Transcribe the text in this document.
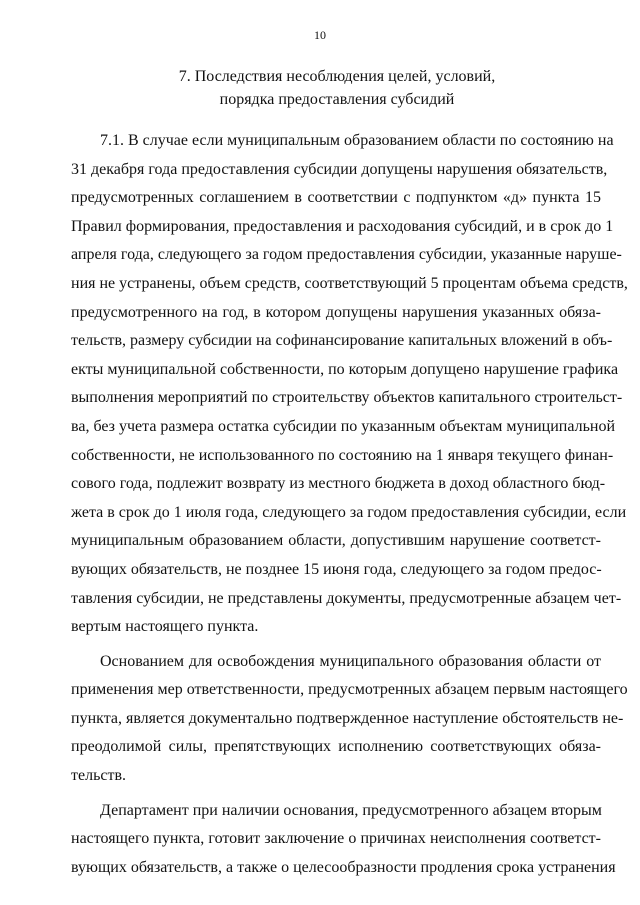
10
7. Последствия несоблюдения целей, условий,
порядка предоставления субсидий
7.1. В случае если муниципальным образованием области по состоянию на
31 декабря года предоставления субсидии допущены нарушения обязательств,
предусмотренных соглашением в соответствии с подпунктом «д» пункта 15
Правил формирования, предоставления и расходования субсидий, и в срок до 1
апреля года, следующего за годом предоставления субсидии, указанные наруше-
ния не устранены, объем средств, соответствующий 5 процентам объема средств,
предусмотренного на год, в котором допущены нарушения указанных обяза-
тельств, размеру субсидии на софинансирование капитальных вложений в объ-
екты муниципальной собственности, по которым допущено нарушение графика
выполнения мероприятий по строительству объектов капитального строительст-
ва, без учета размера остатка субсидии по указанным объектам муниципальной
собственности, не использованного по состоянию на 1 января текущего финан-
сового года, подлежит возврату из местного бюджета в доход областного бюд-
жета в срок до 1 июля года, следующего за годом предоставления субсидии, если
муниципальным образованием области, допустившим нарушение соответст-
вующих обязательств, не позднее 15 июня года, следующего за годом предос-
тавления субсидии, не представлены документы, предусмотренные абзацем чет-
вертым настоящего пункта.
Основанием для освобождения муниципального образования области от
применения мер ответственности, предусмотренных абзацем первым настоящего
пункта, является документально подтвержденное наступление обстоятельств не-
преодолимой силы, препятствующих исполнению соответствующих обяза-
тельств.
Департамент при наличии основания, предусмотренного абзацем вторым
настоящего пункта, готовит заключение о причинах неисполнения соответст-
вующих обязательств, а также о целесообразности продления срока устранения
